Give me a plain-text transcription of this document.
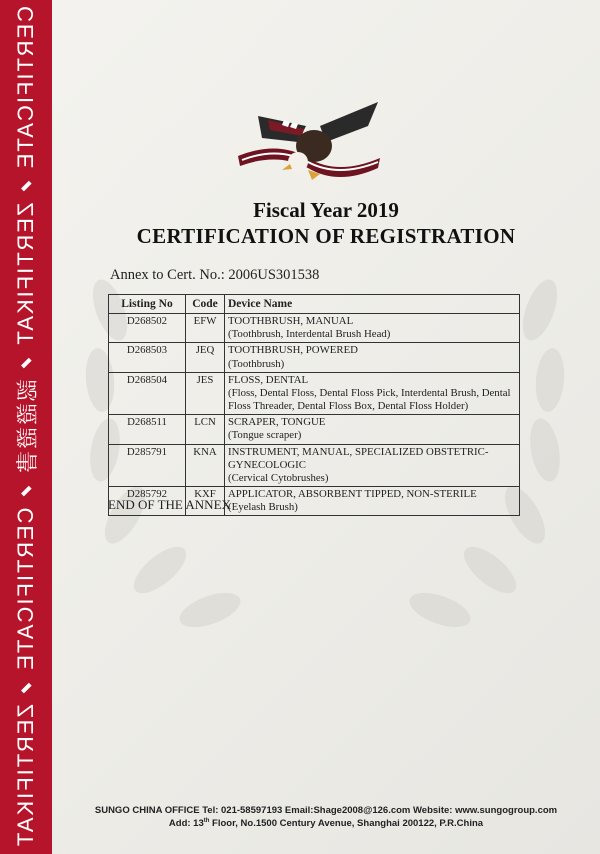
CERTIFICATE
ZERTIFIKAT
認證證書
CERTIFICATE
ZERTIFIKAT
Fiscal Year 2019
CERTIFICATION OF REGISTRATION
Annex to Cert. No.: 2006US301538
Listing No	Code	Device Name
D268502	EFW	TOOTHBRUSH, MANUAL
(Toothbrush, Interdental Brush Head)

D268503	JEQ	TOOTHBRUSH, POWERED
(Toothbrush)

D268504	JES	FLOSS, DENTAL
(Floss, Dental Floss, Dental Floss Pick, Interdental Brush, Dental Floss Threader, Dental Floss Box, Dental Floss Holder)

D268511	LCN	SCRAPER, TONGUE
(Tongue scraper)

D285791	KNA	INSTRUMENT, MANUAL, SPECIALIZED OBSTETRIC-GYNECOLOGIC
(Cervical Cytobrushes)

D285792	KXF	APPLICATOR, ABSORBENT TIPPED, NON-STERILE
(Eyelash Brush)
END OF THE ANNEX
SUNGO CHINA OFFICE Tel: 021-58597193 Email:Shage2008@126.com Website: www.sungogroup.com
Add: 13th Floor, No.1500 Century Avenue, Shanghai 200122, P.R.China
